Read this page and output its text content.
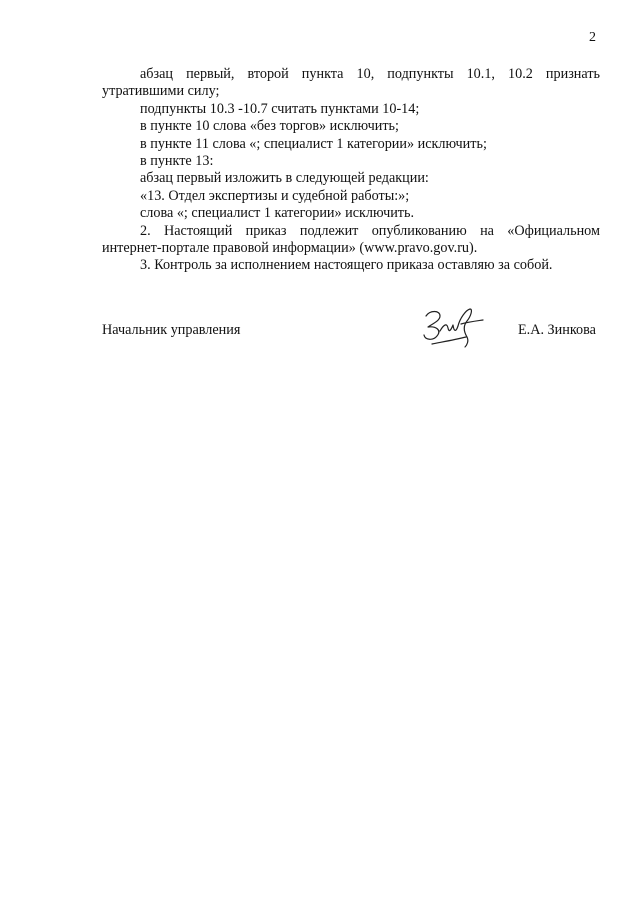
2

абзац первый, второй пункта 10, подпункты 10.1, 10.2 признать утратившими силу;

подпункты 10.3 -10.7 считать пунктами 10-14;

в пункте 10 слова «без торгов» исключить;

в пункте 11 слова «; специалист 1 категории» исключить;

в пункте 13:

абзац первый изложить в следующей редакции:

«13. Отдел экспертизы и судебной работы:»;

слова «; специалист 1 категории» исключить.

2. Настоящий приказ подлежит опубликованию на «Официальном интернет-портале правовой информации» (www.pravo.gov.ru).

3. Контроль за исполнением настоящего приказа оставляю за собой.

Начальник управления	Е.А. Зинкова
